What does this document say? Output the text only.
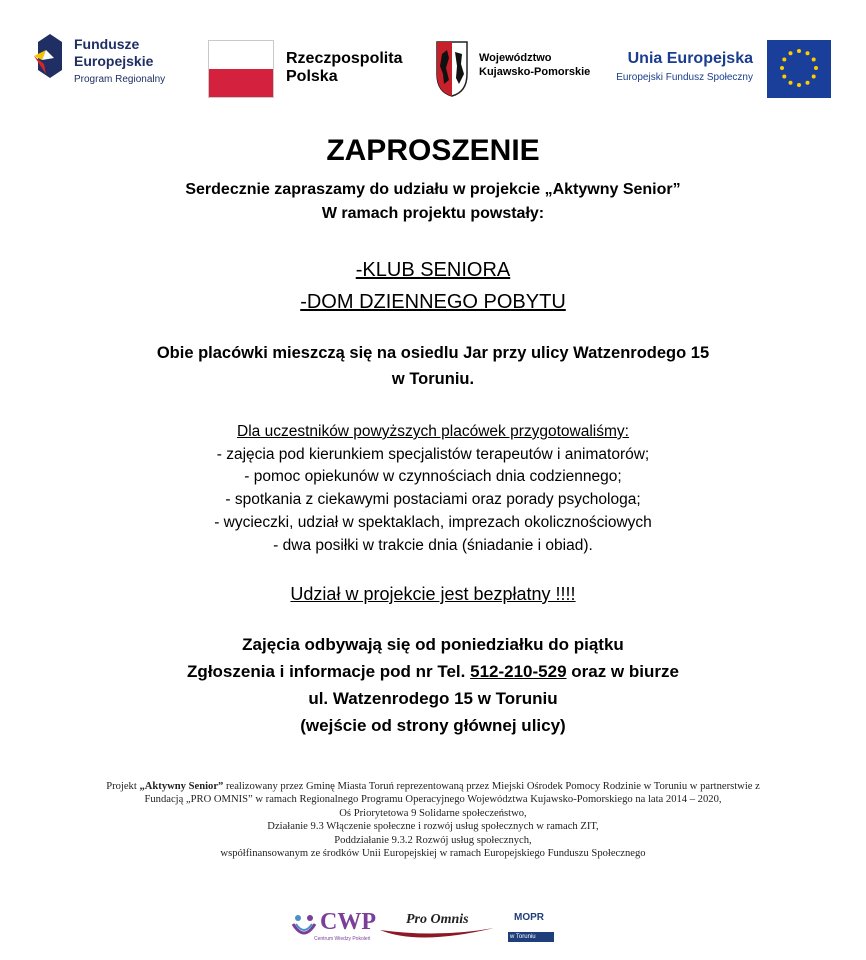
Fundusze
Europejskie
Program Regionalny
Rzeczpospolita
Polska
Województwo
Kujawsko-Pomorskie
Unia Europejska
Europejski Fundusz Społeczny
ZAPROSZENIE
Serdecznie zapraszamy do udziału w projekcie „Aktywny Senior”
W ramach projektu powstały:
-KLUB SENIORA
-DOM DZIENNEGO POBYTU
Obie placówki mieszczą się na osiedlu Jar przy ulicy Watzenrodego 15
w Toruniu.
Dla uczestników powyższych placówek przygotowaliśmy:
- zajęcia pod kierunkiem specjalistów terapeutów i animatorów;
- pomoc opiekunów w czynnościach dnia codziennego;
- spotkania z ciekawymi postaciami oraz porady psychologa;
- wycieczki, udział w spektaklach, imprezach okolicznościowych
- dwa posiłki w trakcie dnia (śniadanie i obiad).
Udział w projekcie jest bezpłatny !!!!
Zajęcia odbywają się od poniedziałku do piątku
Zgłoszenia i informacje pod nr Tel. 512-210-529 oraz w biurze
ul. Watzenrodego 15 w Toruniu
(wejście od strony głównej ulicy)
Projekt „Aktywny Senior” realizowany przez Gminę Miasta Toruń reprezentowaną przez Miejski Ośrodek Pomocy Rodzinie w Toruniu w partnerstwie z Fundacją „PRO OMNIS” w ramach Regionalnego Programu Operacyjnego Województwa Kujawsko-Pomorskiego na lata 2014 – 2020,
Oś Priorytetowa 9 Solidarne społeczeństwo,
Działanie 9.3 Włączenie społeczne i rozwój usług społecznych w ramach ZIT,
Poddziałanie 9.3.2 Rozwój usług społecznych,
współfinansowanym ze środków Unii Europejskiej w ramach Europejskiego Funduszu Społecznego
CWP
Centrum Wiedzy Pokoleń
Pro Omnis	MOPR
w Toruniu
